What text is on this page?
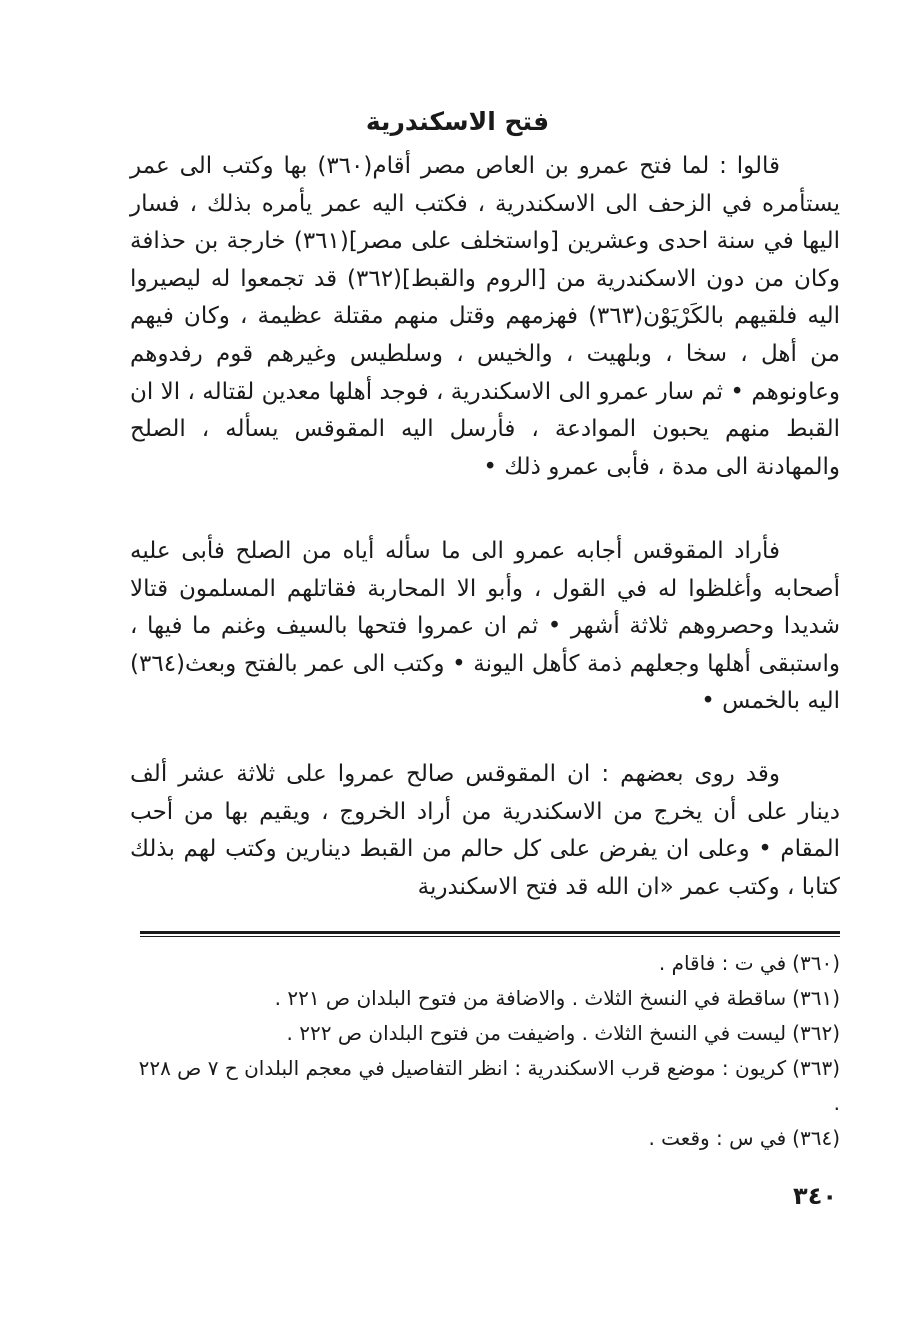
فتح الاسكندرية

قالوا : لما فتح عمرو بن العاص مصر أقام(٣٦٠) بها وكتب الى عمر يستأمره في الزحف الى الاسكندرية ، فكتب اليه عمر يأمره بذلك ، فسار اليها في سنة احدى وعشرين [واستخلف على مصر](٣٦١) خارجة بن حذافة وكان من دون الاسكندرية من [الروم والقبط](٣٦٢) قد تجمعوا له ليصيروا اليه فلقيهم بالكَرْيَوْن(٣٦٣) فهزمهم وقتل منهم مقتلة عظيمة ، وكان فيهم من أهل ، سخا ، وبلهيت ، والخيس ، وسلطيس وغيرهم قوم رفدوهم وعاونوهم • ثم سار عمرو الى الاسكندرية ، فوجد أهلها معدين لقتاله ، الا ان القبط منهم يحبون الموادعة ، فأرسل اليه المقوقس يسأله ، الصلح والمهادنة الى مدة ، فأبى عمرو ذلك •

فأراد المقوقس أجابه عمرو الى ما سأله أياه من الصلح فأبى عليه أصحابه وأغلظوا له في القول ، وأبو الا المحاربة فقاتلهم المسلمون قتالا شديدا وحصروهم ثلاثة أشهر • ثم ان عمروا فتحها بالسيف وغنم ما فيها ، واستبقى أهلها وجعلهم ذمة كأهل اليونة • وكتب الى عمر بالفتح وبعث(٣٦٤) اليه بالخمس •

وقد روى بعضهم : ان المقوقس صالح عمروا على ثلاثة عشر ألف دينار على أن يخرج من الاسكندرية من أراد الخروج ، ويقيم بها من أحب المقام • وعلى ان يفرض على كل حالم من القبط دينارين وكتب لهم بذلك كتابا ، وكتب عمر «ان الله قد فتح الاسكندرية

(٣٦٠)في ت : فاقام .
(٣٦١)ساقطة في النسخ الثلاث . والاضافة من فتوح البلدان ص ٢٢١ .
(٣٦٢)ليست في النسخ الثلاث . واضيفت من فتوح البلدان ص ٢٢٢ .
(٣٦٣)كريون : موضع قرب الاسكندرية : انظر التفاصيل في معجم البلدان ح ٧ ص ٢٢٨ .
(٣٦٤)في س : وقعت .
٣٤٠
